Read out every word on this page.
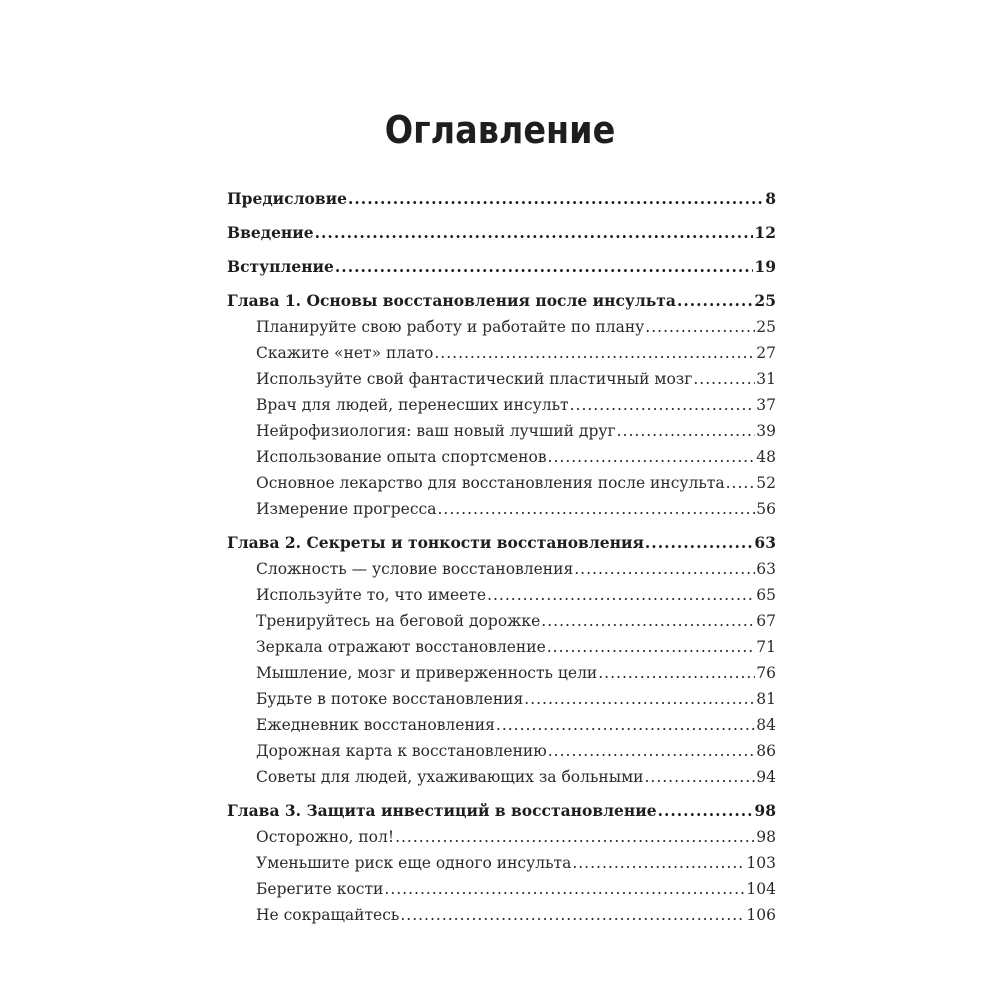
Оглавление
Предисловие .....	8
Введение .....	12
Вступление .....	19
Глава 1. Основы восстановления после инсульта .....	25
Планируйте свою работу и работайте по плану .....	25
Скажите «нет» плато .....	27
Используйте свой фантастический пластичный мозг .....	31
Врач для людей, перенесших инсульт .....	37
Нейрофизиология: ваш новый лучший друг .....	39
Использование опыта спортсменов .....	48
Основное лекарство для восстановления после инсульта ..... 52
Измерение прогресса .....	56
Глава 2. Секреты и тонкости восстановления .....	63
Сложность — условие восстановления .....	63
Используйте то, что имеете .....	65
Тренируйтесь на беговой дорожке .....	67
Зеркала отражают восстановление .....	71
Мышление, мозг и приверженность цели .....	76
Будьте в потоке восстановления .....	81
Ежедневник восстановления .....	84
Дорожная карта к восстановлению .....	86
Советы для людей, ухаживающих за больными .....	94
Глава 3. Защита инвестиций в восстановление .....	98
Осторожно, пол! .....	98
Уменьшите риск еще одного инсульта .....	103
Берегите кости .....	104
Не сокращайтесь .....	106
